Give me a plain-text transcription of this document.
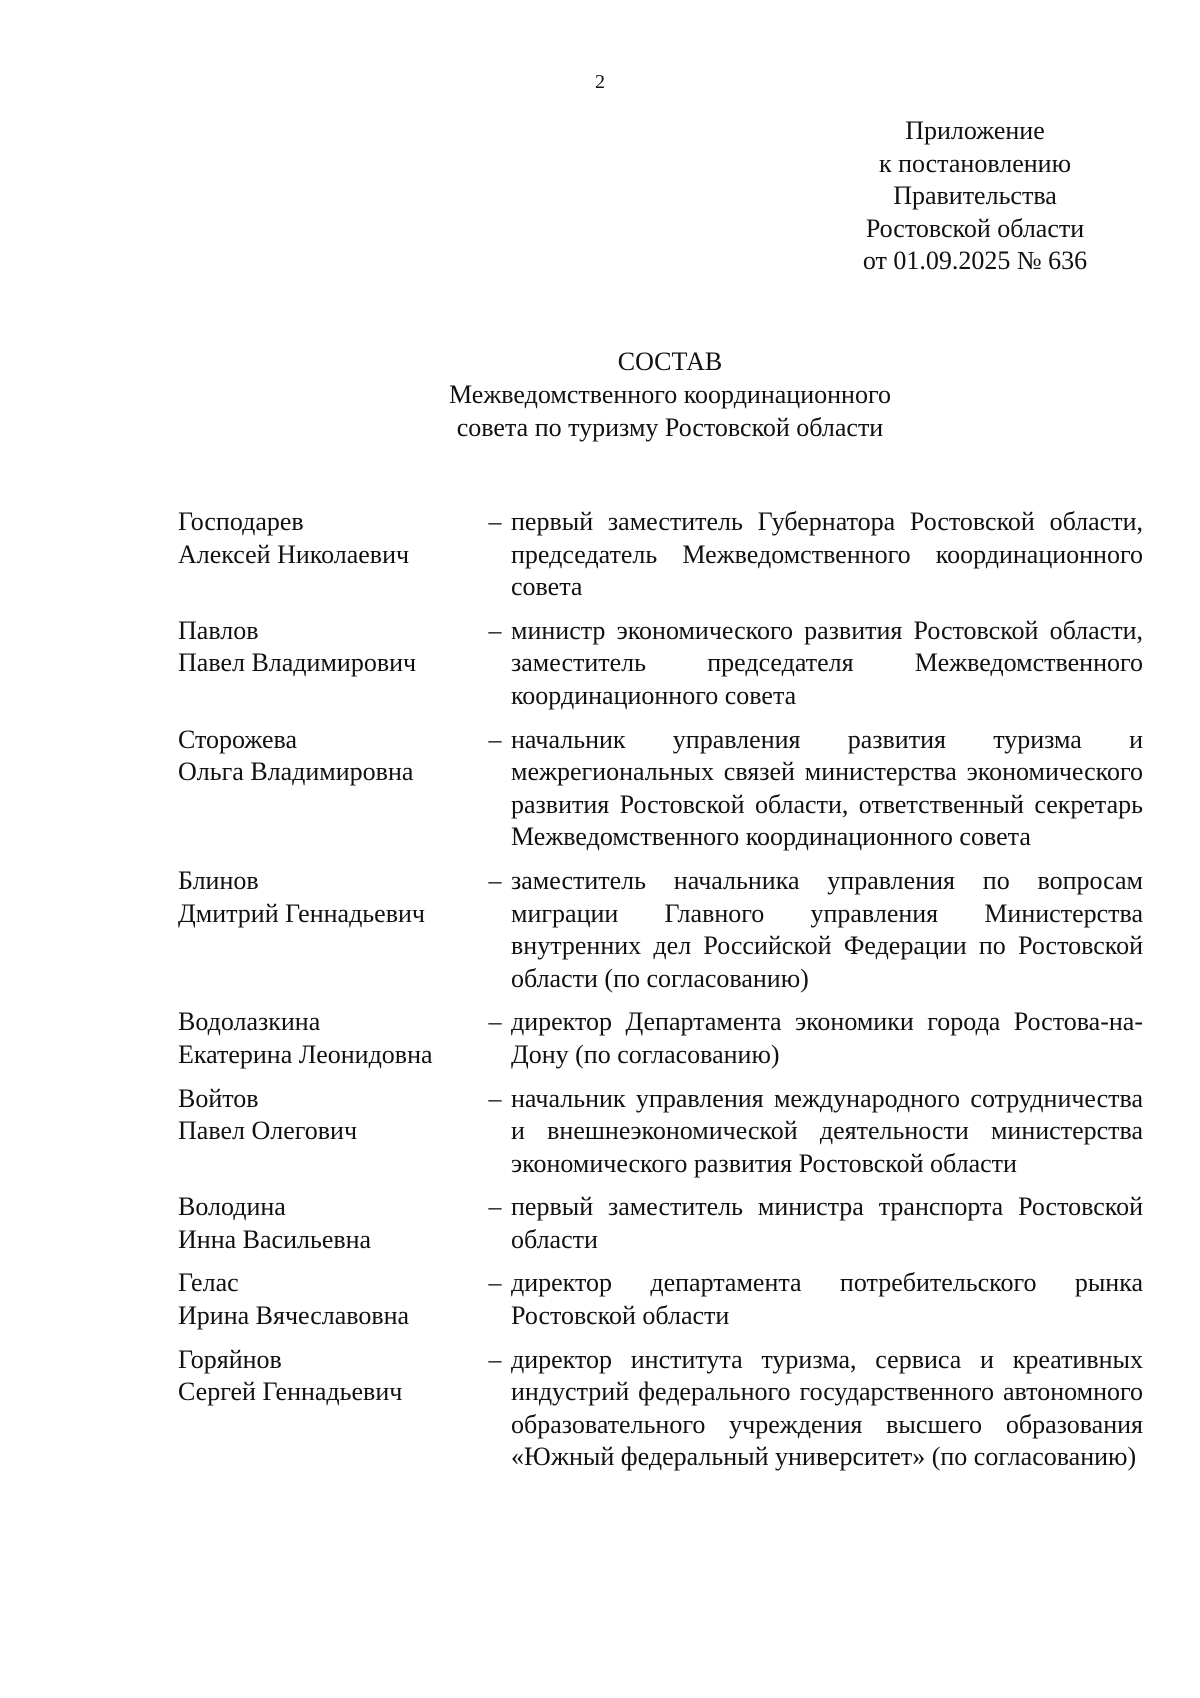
2
Приложение
к постановлению
Правительства
Ростовской области
от 01.09.2025 № 636
СОСТАВ
Межведомственного координационного
совета по туризму Ростовской области
Господарев
Алексей Николаевич
– первый заместитель Губернатора Ростовской области, председатель Межведомственного координационного совета
Павлов
Павел Владимирович
– министр экономического развития Ростовской области, заместитель председателя Межведомственного координационного совета
Сторожева
Ольга Владимировна
– начальник управления развития туризма и межрегиональных связей министерства экономического развития Ростовской области, ответственный секретарь Межведомственного координационного совета
Блинов
Дмитрий Геннадьевич
– заместитель начальника управления по вопросам миграции Главного управления Министерства внутренних дел Российской Федерации по Ростовской области (по согласованию)
Водолазкина
Екатерина Леонидовна
– директор Департамента экономики города Ростова-на-Дону (по согласованию)
Войтов
Павел Олегович
– начальник управления международного сотрудничества и внешнеэкономической деятельности министерства экономического развития Ростовской области
Володина
Инна Васильевна
– первый заместитель министра транспорта Ростовской области
Гелас
Ирина Вячеславовна
– директор департамента потребительского рынка Ростовской области
Горяйнов
Сергей Геннадьевич
– директор института туризма, сервиса и креативных индустрий федерального государственного автономного образовательного учреждения высшего образования «Южный федеральный университет» (по согласованию)
